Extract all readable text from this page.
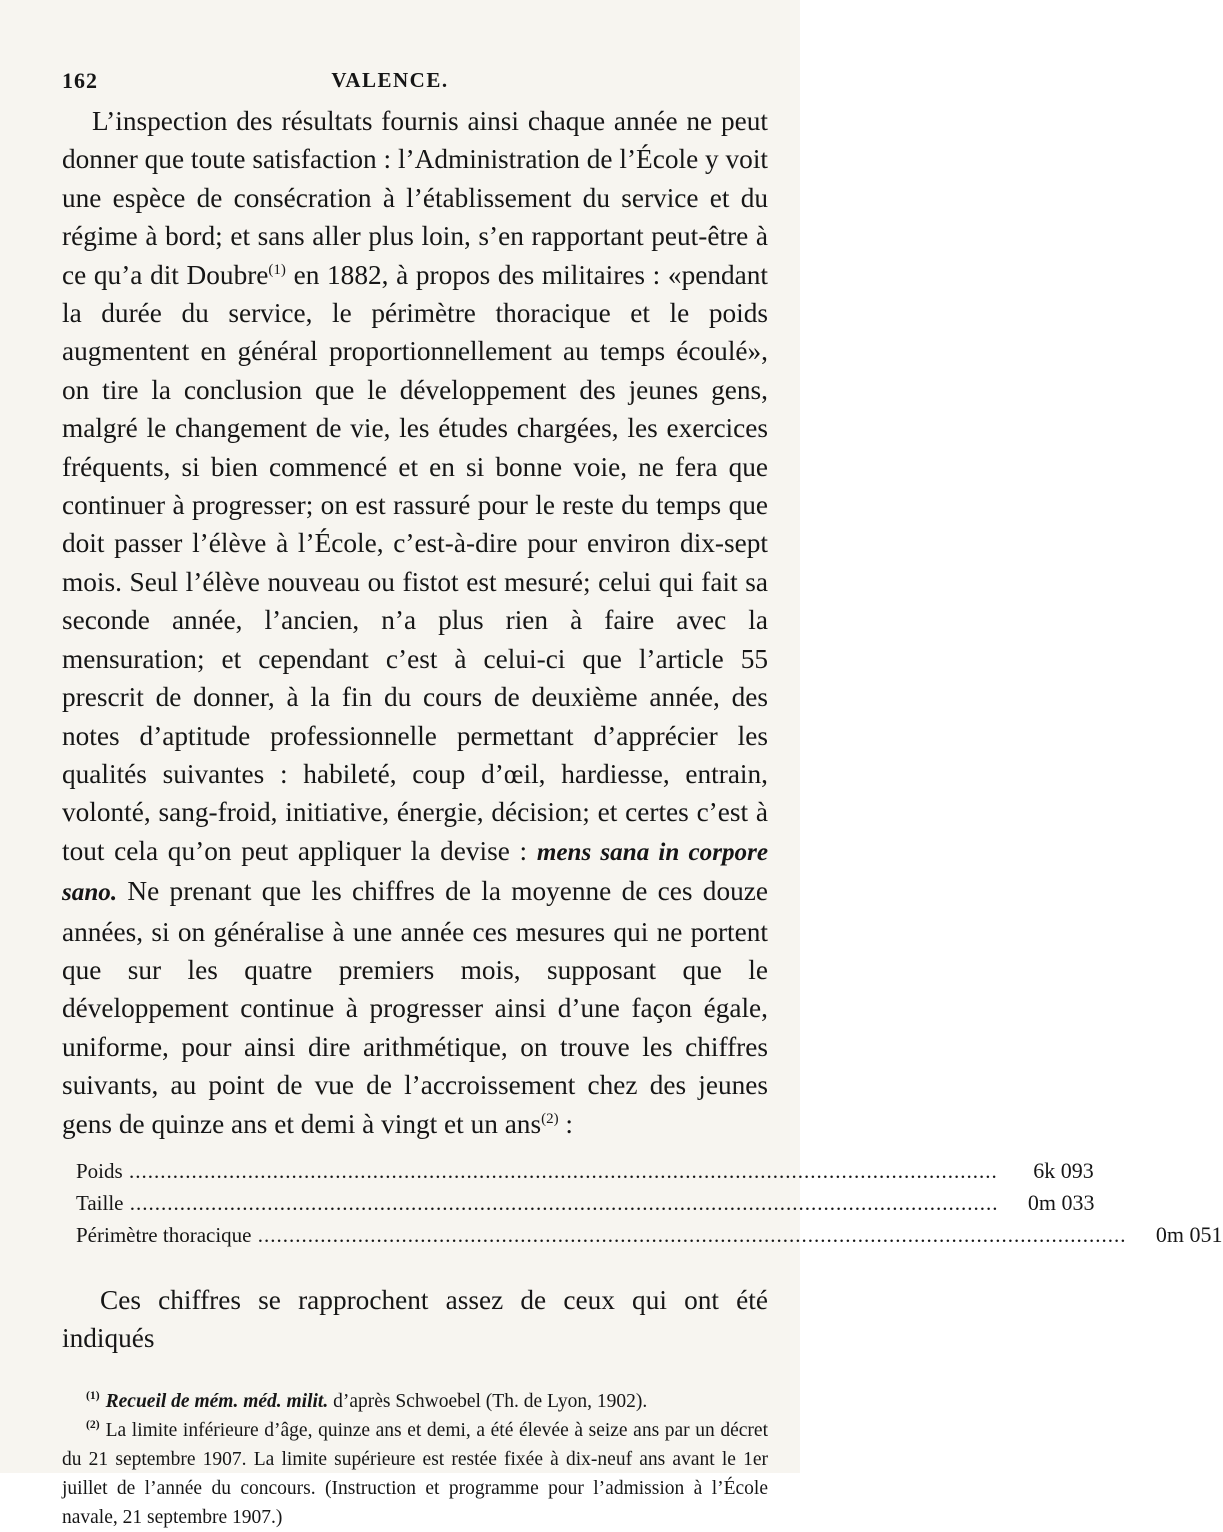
162	VALENCE.

L’inspection des résultats fournis ainsi chaque année ne peut donner que toute satisfaction : l’Administration de l’École y voit une espèce de consécration à l’établissement du service et du régime à bord; et sans aller plus loin, s’en rapportant peut-être à ce qu’a dit Doubre$^{(1)}$ en 1882, à propos des militaires : «pendant la durée du service, le périmètre thoracique et le poids augmentent en général proportionnellement au temps écoulé», on tire la conclusion que le développement des jeunes gens, malgré le changement de vie, les études chargées, les exercices fréquents, si bien commencé et en si bonne voie, ne fera que continuer à progresser; on est rassuré pour le reste du temps que doit passer l’élève à l’École, c’est-à-dire pour environ dix-sept mois. Seul l’élève nouveau ou fistot est mesuré; celui qui fait sa seconde année, l’ancien, n’a plus rien à faire avec la mensuration; et cependant c’est à celui-ci que l’article 55 prescrit de donner, à la fin du cours de deuxième année, des notes d’aptitude professionnelle permettant d’apprécier les qualités suivantes : habileté, coup d’œil, hardiesse, entrain, volonté, sang-froid, initiative, énergie, décision; et certes c’est à tout cela qu’on peut appliquer la devise : mens sana in corpore sano. Ne prenant que les chiffres de la moyenne de ces douze années, si on généralise à une année ces mesures qui ne portent que sur les quatre premiers mois, supposant que le développement continue à progresser ainsi d’une façon égale, uniforme, pour ainsi dire arithmétique, on trouve les chiffres suivants, au point de vue de l’accroissement chez des jeunes gens de quinze ans et demi à vingt et un ans$^{(2)}$ :

Poids .....	6k 093
Taille .....	0m 033
Périmètre thoracique .....	0m 051

Ces chiffres se rapprochent assez de ceux qui ont été indiqués

$^{(1)}$ Recueil de mém. méd. milit. d’après Schwoebel (Th. de Lyon, 1902).

$^{(2)}$ La limite inférieure d’âge, quinze ans et demi, a été élevée à seize ans par un décret du 21 septembre 1907. La limite supérieure est restée fixée à dix-neuf ans avant le 1er juillet de l’année du concours. (Instruction et programme pour l’admission à l’École navale, 21 septembre 1907.)
